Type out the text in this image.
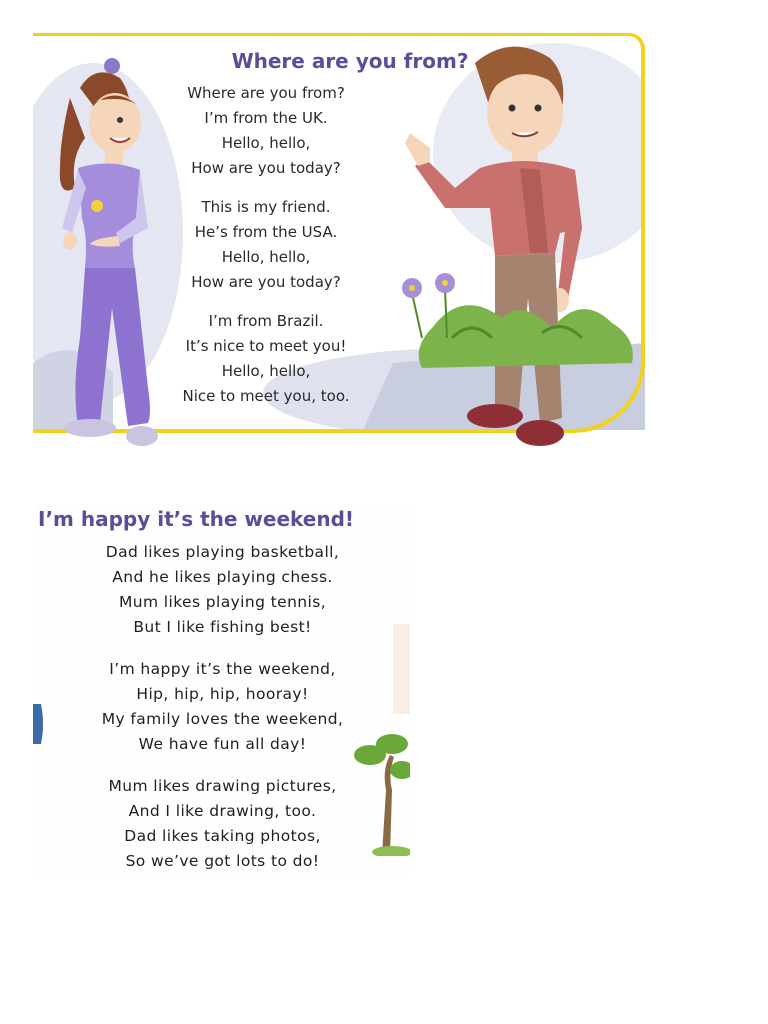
Where are you from?
Where are you from?
I’m from the UK.
Hello, hello,
How are you today?
This is my friend.
He’s from the USA.
Hello, hello,
How are you today?
I’m from Brazil.
It’s nice to meet you!
Hello, hello,
Nice to meet you, too.
I’m happy it’s the weekend!
Dad likes playing basketball,
And he likes playing chess.
Mum likes playing tennis,
But I like fishing best!
I’m happy it’s the weekend,
Hip, hip, hip, hooray!
My family loves the weekend,
We have fun all day!
Mum likes drawing pictures,
And I like drawing, too.
Dad likes taking photos,
So we’ve got lots to do!
